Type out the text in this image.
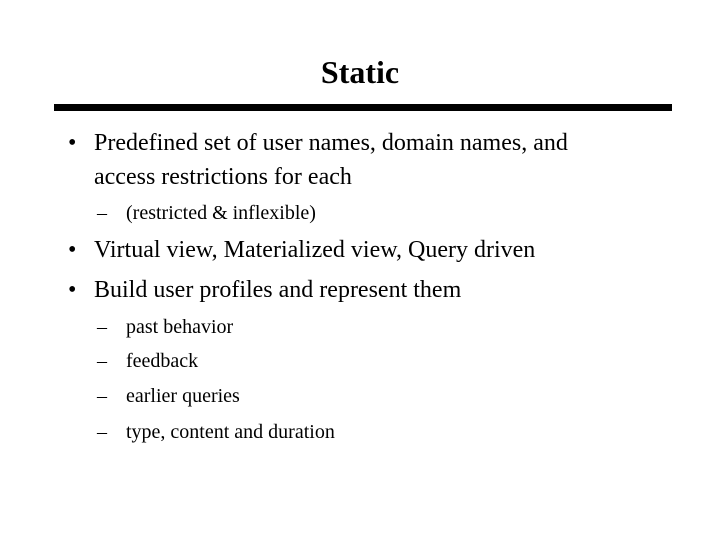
Static
• Predefined set of user names, domain names, and
access restrictions for each
– (restricted & inflexible)
• Virtual view, Materialized view, Query driven
• Build user profiles and represent them
– past behavior
– feedback
– earlier queries
– type, content and duration
